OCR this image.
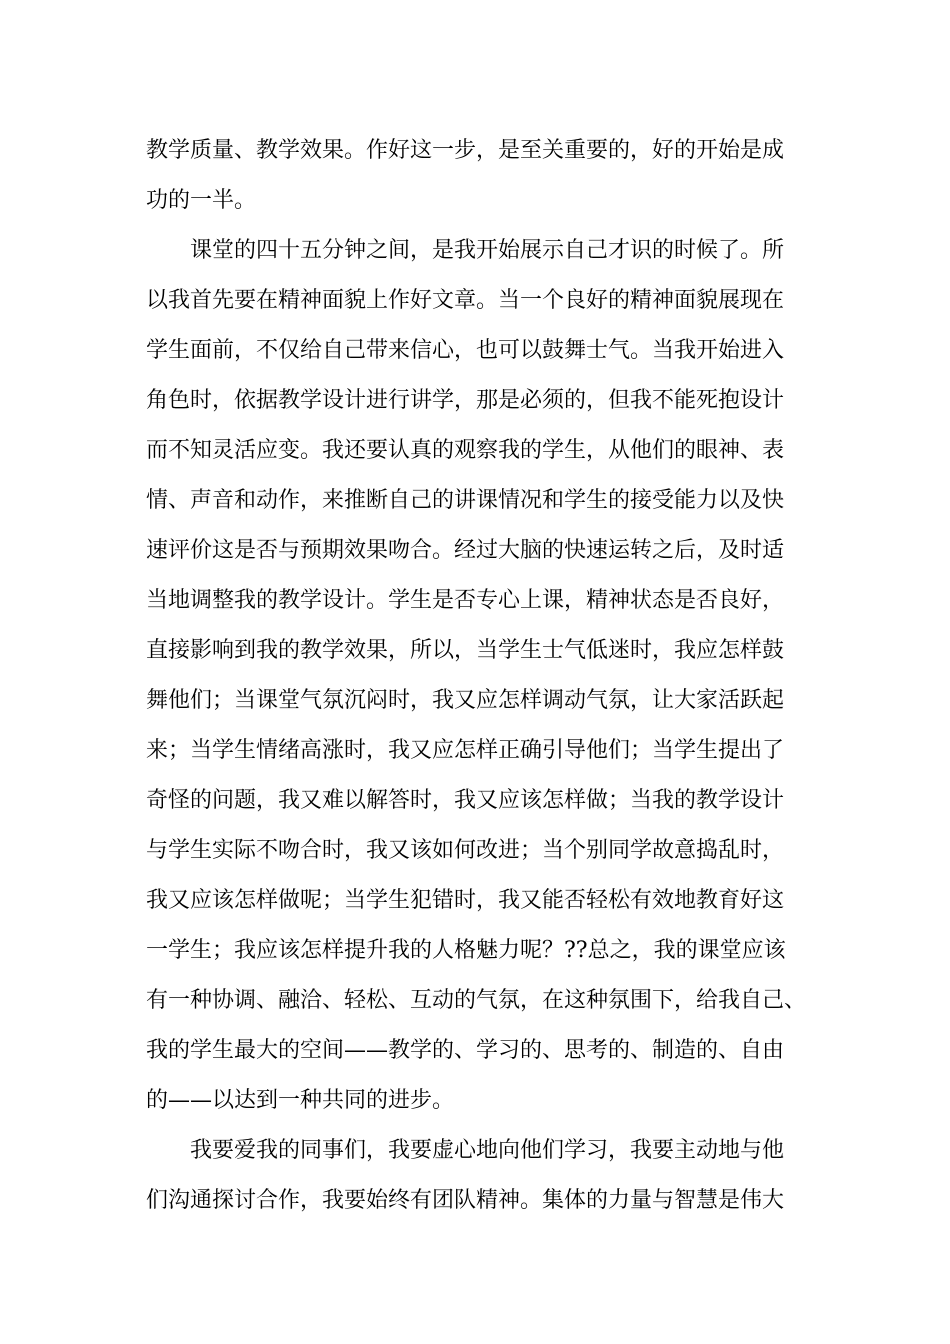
教学质量、教学效果。作好这一步，是至关重要的，好的开始是成
功的一半。
课堂的四十五分钟之间，是我开始展示自己才识的时候了。所
以我首先要在精神面貌上作好文章。当一个良好的精神面貌展现在
学生面前，不仅给自己带来信心，也可以鼓舞士气。当我开始进入
角色时，依据教学设计进行讲学，那是必须的，但我不能死抱设计
而不知灵活应变。我还要认真的观察我的学生，从他们的眼神、表
情、声音和动作，来推断自己的讲课情况和学生的接受能力以及快
速评价这是否与预期效果吻合。经过大脑的快速运转之后，及时适
当地调整我的教学设计。学生是否专心上课，精神状态是否良好，
直接影响到我的教学效果，所以，当学生士气低迷时，我应怎样鼓
舞他们；当课堂气氛沉闷时，我又应怎样调动气氛，让大家活跃起
来；当学生情绪高涨时，我又应怎样正确引导他们；当学生提出了
奇怪的问题，我又难以解答时，我又应该怎样做；当我的教学设计
与学生实际不吻合时，我又该如何改进；当个别同学故意捣乱时，
我又应该怎样做呢；当学生犯错时，我又能否轻松有效地教育好这
一学生；我应该怎样提升我的人格魅力呢？??总之，我的课堂应该
有一种协调、融洽、轻松、互动的气氛，在这种氛围下，给我自己、
我的学生最大的空间——教学的、学习的、思考的、制造的、自由
的——以达到一种共同的进步。
我要爱我的同事们，我要虚心地向他们学习，我要主动地与他
们沟通探讨合作，我要始终有团队精神。集体的力量与智慧是伟大
